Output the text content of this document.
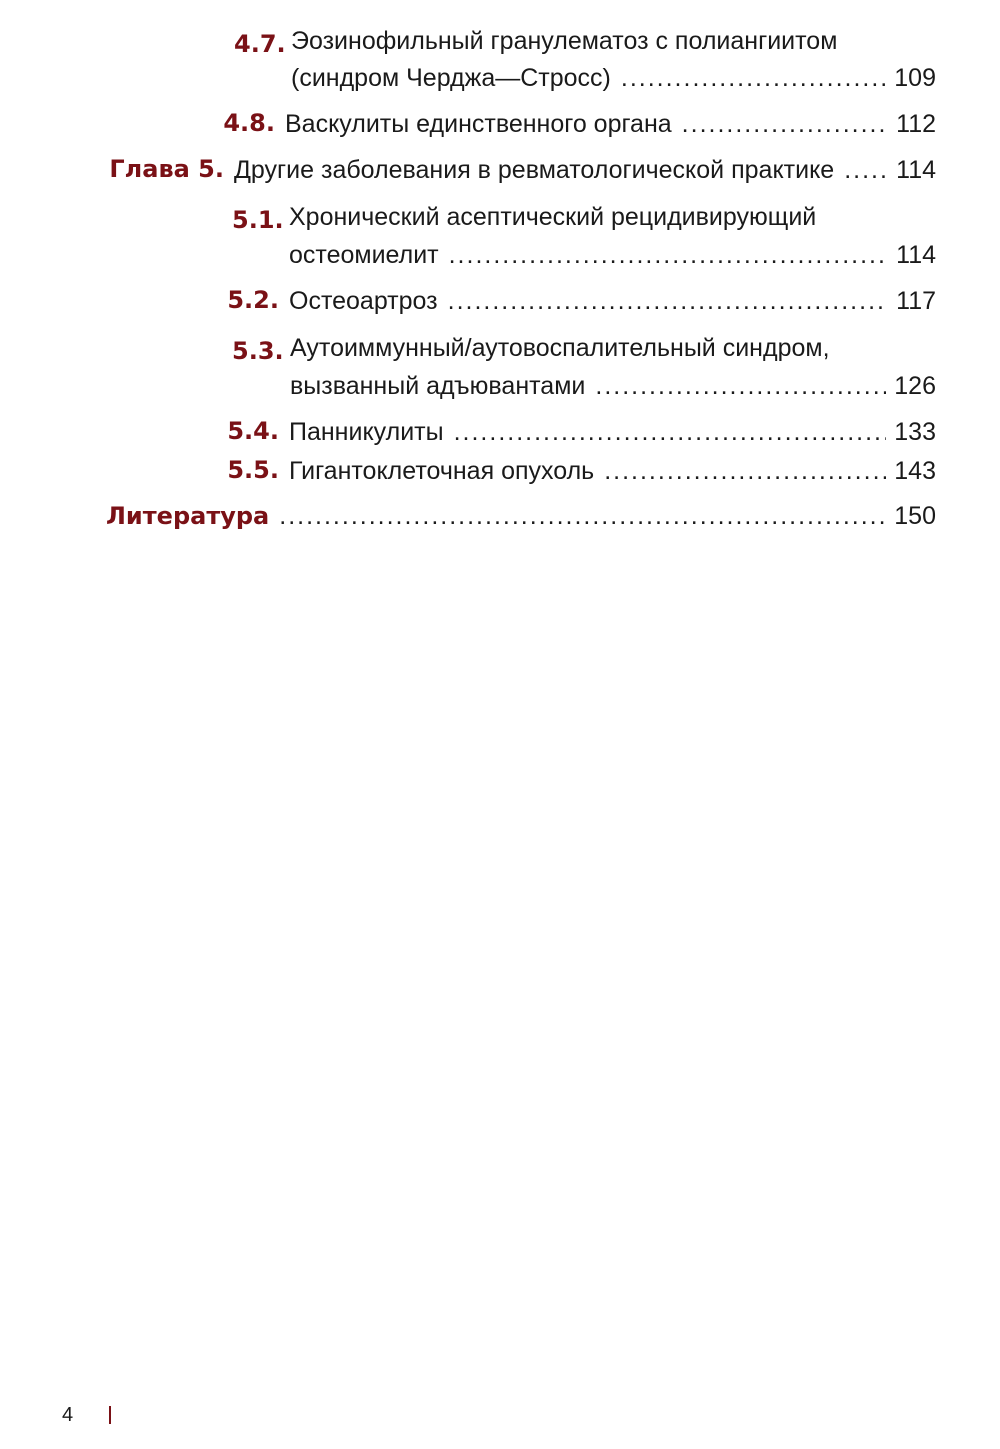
4.7. Эозинофильный гранулематоз с полиангиитом
(синдром Черджа—Стросс) .....	109
4.8. Васкулиты единственного органа .....	112
Глава 5. Другие заболевания в ревматологической практике ..... 114
5.1. Хронический асептический рецидивирующий
остеомиелит .....	114
5.2. Остеоартроз .....	117
5.3. Аутоиммунный/аутовоспалительный синдром,
вызванный адъювантами .....	126
5.4. Панникулиты .....	133
5.5. Гигантоклеточная опухоль .....	143
Литература .....	150
4
